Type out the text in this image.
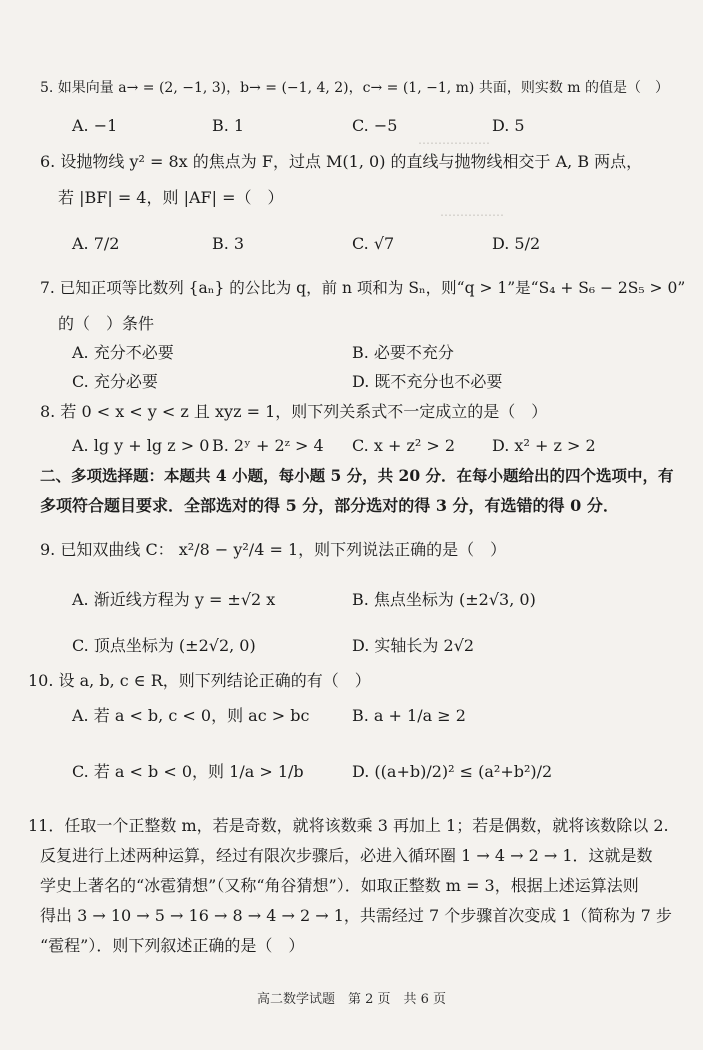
‥‥‥‥‥‥‥‥‥
‥‥‥‥‥‥‥‥
5. 如果向量 a→ = (2, −1, 3)，b→ = (−1, 4, 2)，c→ = (1, −1, m) 共面，则实数 m 的值是（　）
A. −1	B. 1	C. −5	D. 5
6. 设抛物线 y² = 8x 的焦点为 F，过点 M(1, 0) 的直线与抛物线相交于 A, B 两点，
若 |BF| = 4，则 |AF| =（　）
A. 7/2	B. 3	C. √7	D. 5/2
7. 已知正项等比数列 {aₙ} 的公比为 q，前 n 项和为 Sₙ，则“q > 1”是“S₄ + S₆ − 2S₅ > 0”
的（　）条件
A. 充分不必要	B. 必要不充分
C. 充分必要	D. 既不充分也不必要
8. 若 0 < x < y < z 且 xyz = 1，则下列关系式不一定成立的是（　）
A. lg y + lg z > 0 B. 2ʸ + 2ᶻ > 4 C. x + z² > 2 D. x² + z > 2
二、多项选择题：本题共 4 小题，每小题 5 分，共 20 分．在每小题给出的四个选项中，有
多项符合题目要求．全部选对的得 5 分，部分选对的得 3 分，有选错的得 0 分．
9. 已知双曲线 C： x²/8 − y²/4 = 1，则下列说法正确的是（　）
A. 渐近线方程为 y = ±√2 x	B. 焦点坐标为 (±2√3, 0)
C. 顶点坐标为 (±2√2, 0)	D. 实轴长为 2√2
10. 设 a, b, c ∈ R，则下列结论正确的有（　）
A. 若 a < b, c < 0，则 ac > bc	B. a + 1/a ≥ 2
C. 若 a < b < 0，则 1/a > 1/b	D. ((a+b)/2)² ≤ (a²+b²)/2
11．任取一个正整数 m，若是奇数，就将该数乘 3 再加上 1；若是偶数，就将该数除以 2.
反复进行上述两种运算，经过有限次步骤后，必进入循环圈 1 → 4 → 2 → 1．这就是数
学史上著名的“冰雹猜想”（又称“角谷猜想”）．如取正整数 m = 3，根据上述运算法则
得出 3 → 10 → 5 → 16 → 8 → 4 → 2 → 1，共需经过 7 个步骤首次变成 1（简称为 7 步
“雹程”）．则下列叙述正确的是（　）
高二数学试题　第 2 页　共 6 页
